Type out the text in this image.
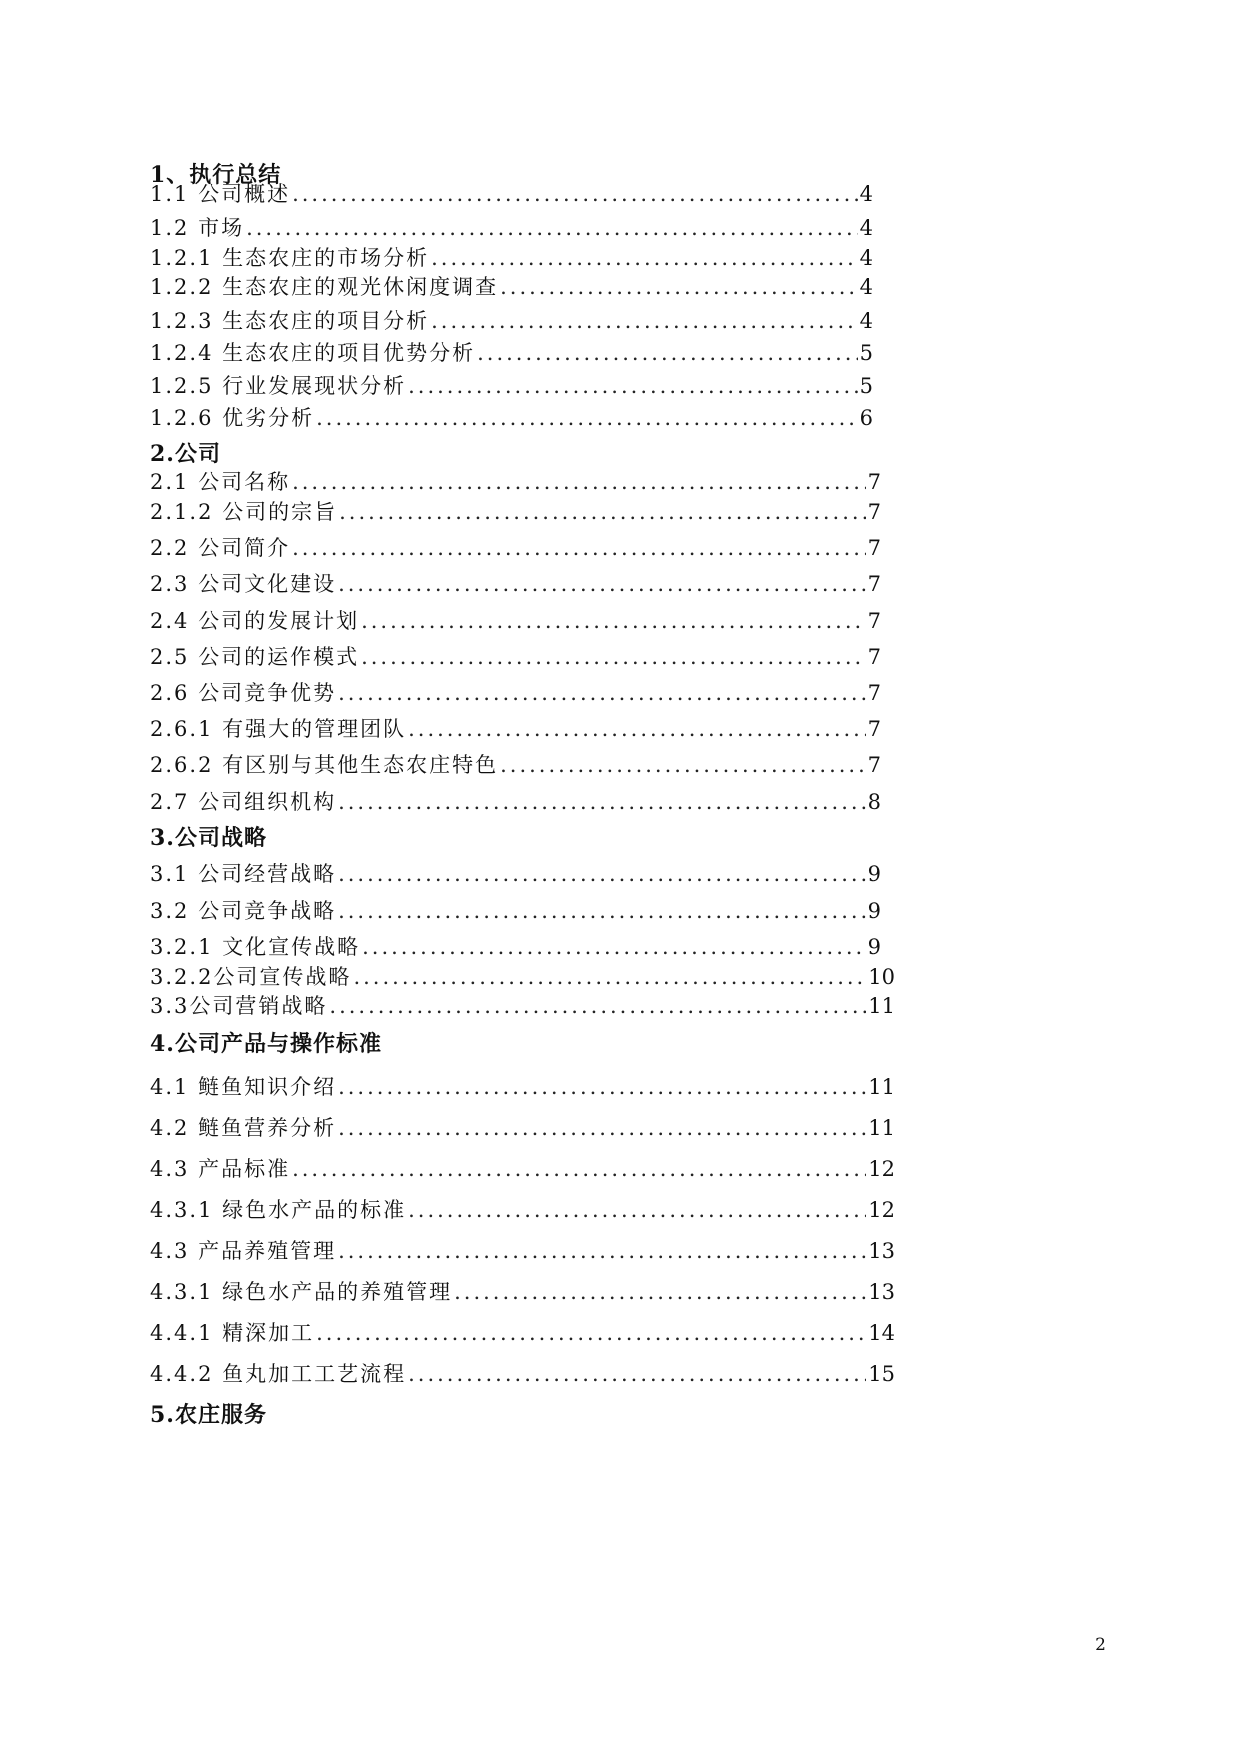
1、执行总结
1.1 公司概述 .....	4
1.2 市场 .....	4
1.2.1 生态农庄的市场分析 .....	4
1.2.2 生态农庄的观光休闲度调查 .....	4
1.2.3 生态农庄的项目分析 .....	4
1.2.4 生态农庄的项目优势分析 .....	5
1.2.5 行业发展现状分析 .....	5
1.2.6 优劣分析 .....	6
2.公司
2.1 公司名称 .....	7
2.1.2 公司的宗旨 .....	7
2.2 公司简介 .....	7
2.3 公司文化建设 .....	7
2.4 公司的发展计划 .....	7
2.5 公司的运作模式 .....	7
2.6 公司竞争优势 .....	7
2.6.1 有强大的管理团队 .....	7
2.6.2 有区别与其他生态农庄特色 .....	7
2.7 公司组织机构 .....	8
3.公司战略
3.1 公司经营战略 .....	9
3.2 公司竞争战略 .....	9
3.2.1 文化宣传战略 .....	9
3.2.2公司宣传战略 .....	10
3.3公司营销战略 .....	11
4.公司产品与操作标准
4.1 鲢鱼知识介绍 .....	11
4.2 鲢鱼营养分析 .....	11
4.3 产品标准 .....	12
4.3.1 绿色水产品的标准 .....	12
4.3 产品养殖管理 .....	13
4.3.1 绿色水产品的养殖管理 .....	13
4.4.1 精深加工 .....	14
4.4.2 鱼丸加工工艺流程 .....	15
5.农庄服务
2
